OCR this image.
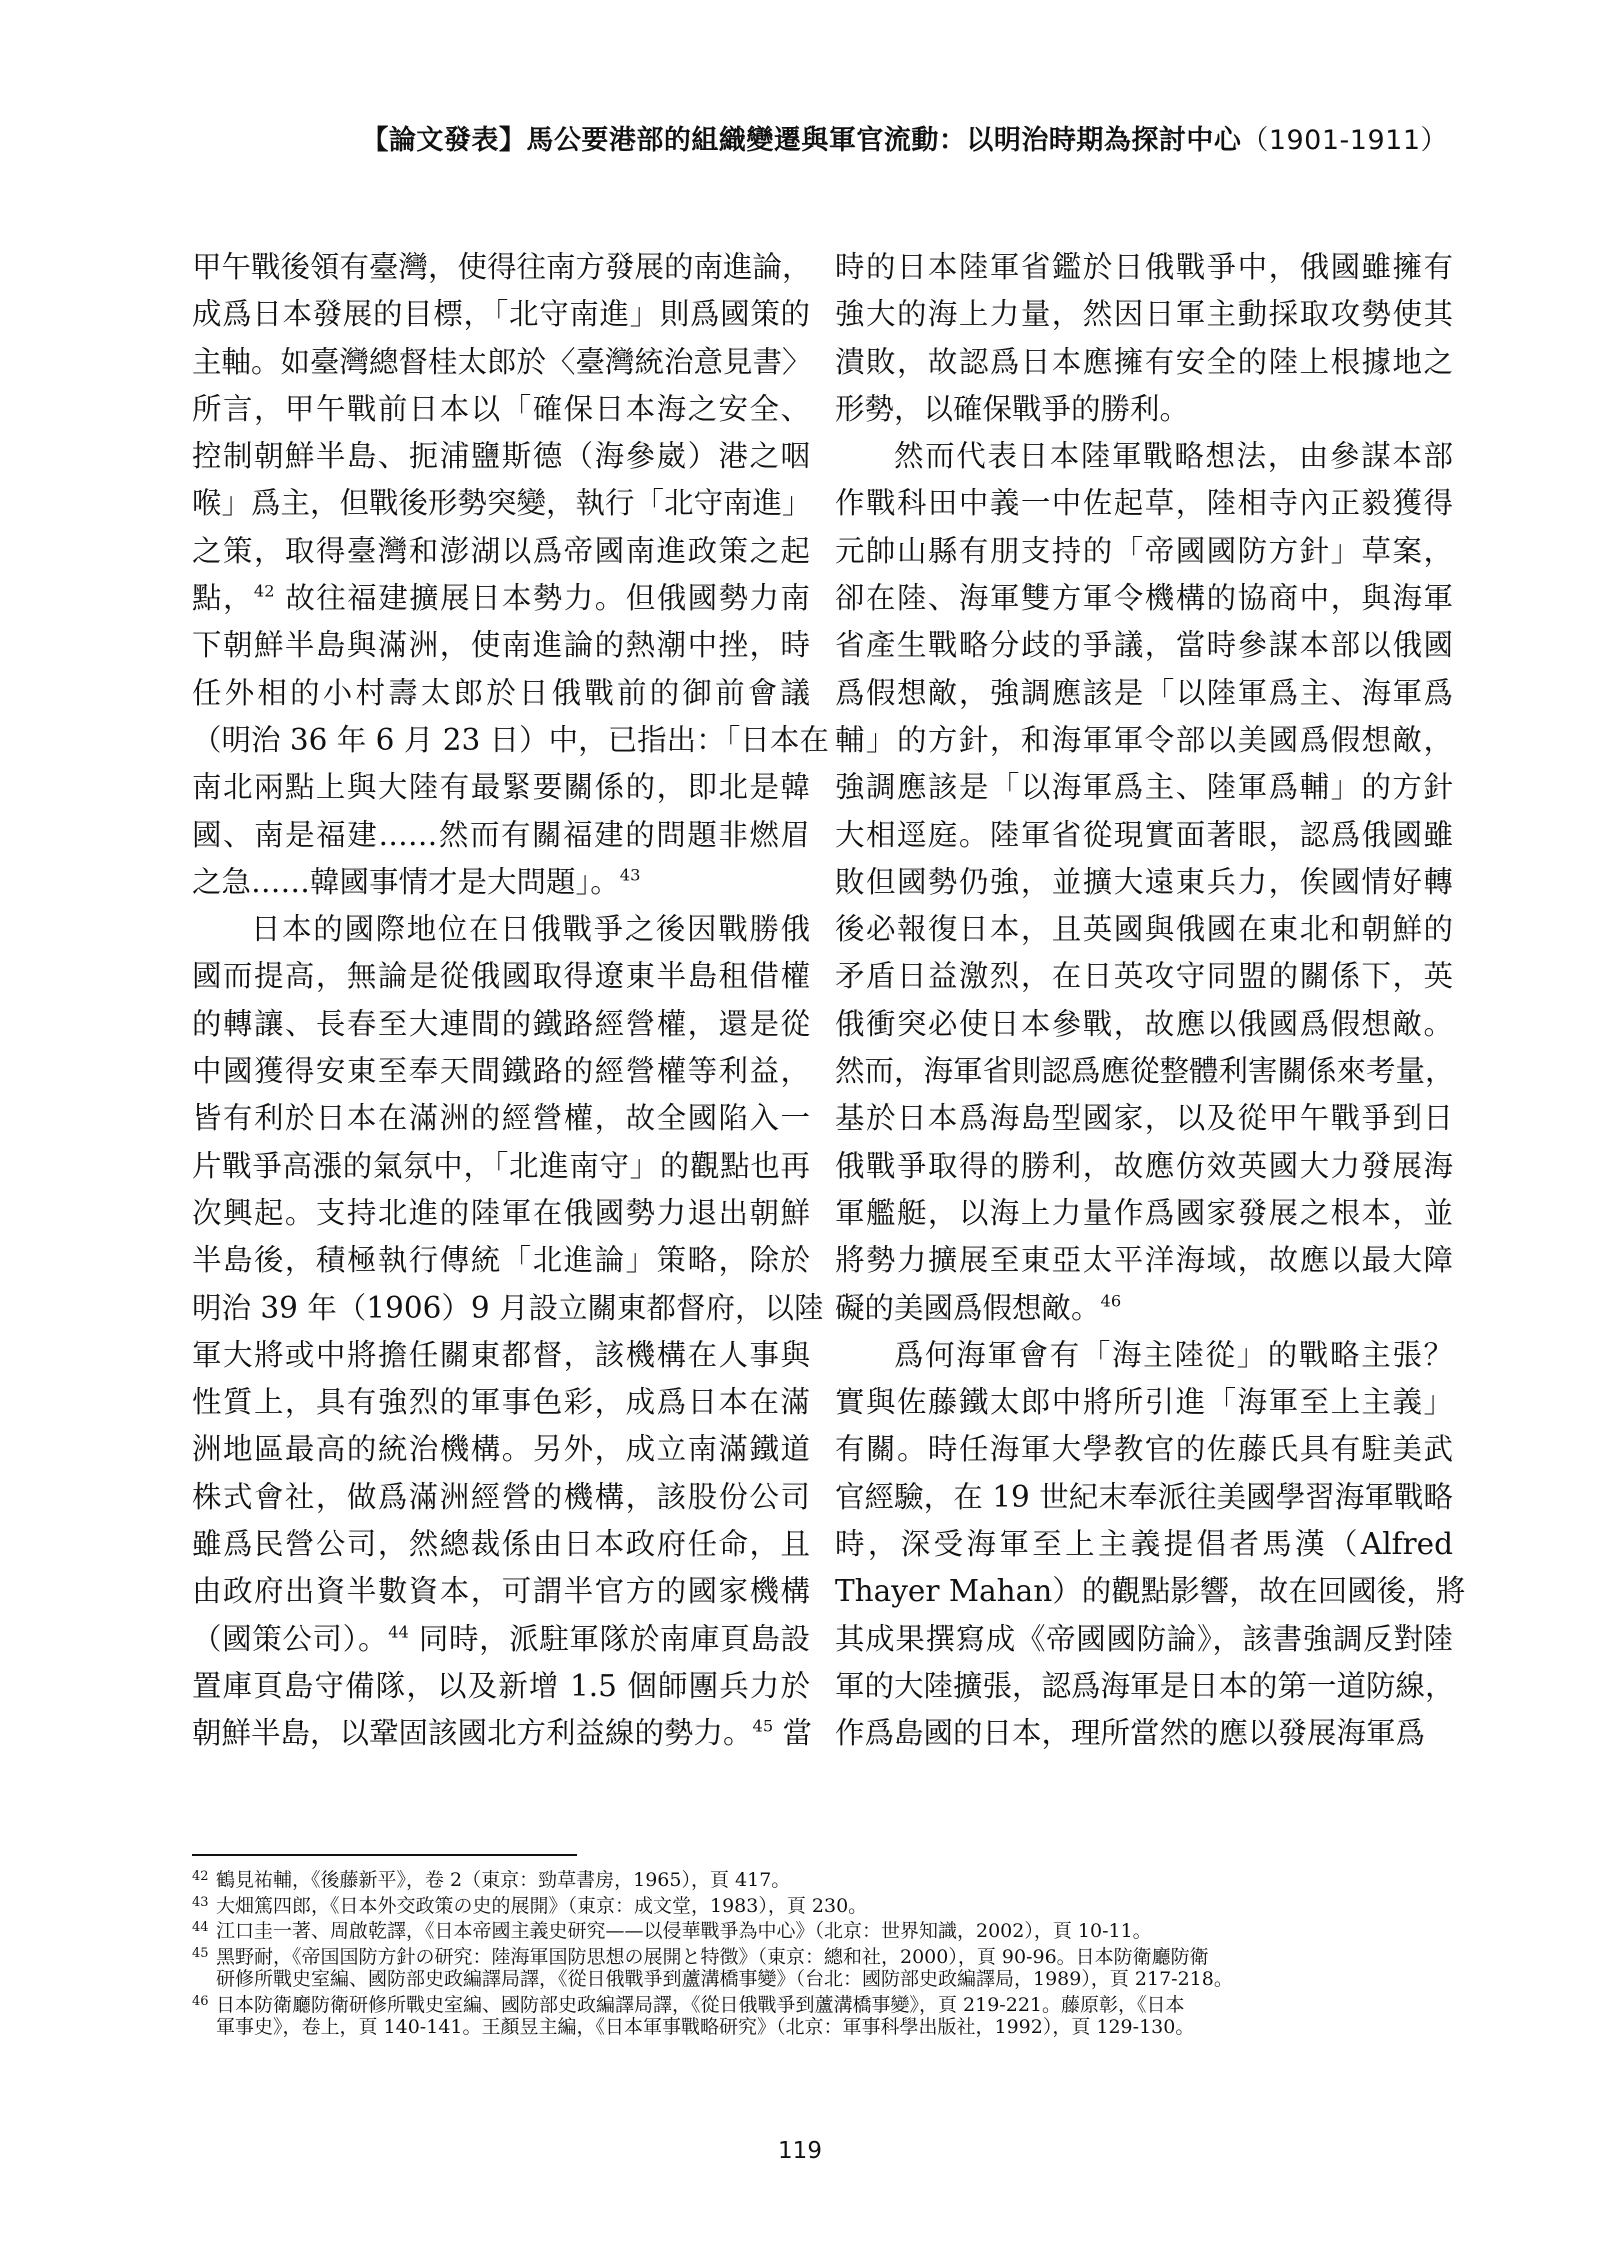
【論文發表】馬公要港部的組織變遷與軍官流動：以明治時期為探討中心（1901-1911）

甲午戰後領有臺灣，使得往南方發展的南進論，
成爲日本發展的目標，「北守南進」則爲國策的
主軸。如臺灣總督桂太郎於〈臺灣統治意見書〉
所言，甲午戰前日本以「確保日本海之安全、
控制朝鮮半島、扼浦鹽斯德（海參崴）港之咽
喉」爲主，但戰後形勢突變，執行「北守南進」
之策，取得臺灣和澎湖以爲帝國南進政策之起
點，$^{42}$ 故往福建擴展日本勢力。但俄國勢力南
下朝鮮半島與滿洲，使南進論的熱潮中挫，時
任外相的小村壽太郎於日俄戰前的御前會議
（明治 36 年 6 月 23 日）中，已指出：「日本在
南北兩點上與大陸有最緊要關係的，即北是韓
國、南是福建……然而有關福建的問題非燃眉
之急……韓國事情才是大問題」。$^{43}$

日本的國際地位在日俄戰爭之後因戰勝俄
國而提高，無論是從俄國取得遼東半島租借權
的轉讓、長春至大連間的鐵路經營權，還是從
中國獲得安東至奉天間鐵路的經營權等利益，
皆有利於日本在滿洲的經營權，故全國陷入一
片戰爭高漲的氣氛中，「北進南守」的觀點也再
次興起。支持北進的陸軍在俄國勢力退出朝鮮
半島後，積極執行傳統「北進論」策略，除於
明治 39 年（1906）9 月設立關東都督府，以陸
軍大將或中將擔任關東都督，該機構在人事與
性質上，具有強烈的軍事色彩，成爲日本在滿
洲地區最高的統治機構。另外，成立南滿鐵道
株式會社，做爲滿洲經營的機構，該股份公司
雖爲民營公司，然總裁係由日本政府任命，且
由政府出資半數資本，可謂半官方的國家機構
（國策公司）。$^{44}$ 同時，派駐軍隊於南庫頁島設
置庫頁島守備隊，以及新增 1.5 個師團兵力於
朝鮮半島，以鞏固該國北方利益線的勢力。$^{45}$ 當

時的日本陸軍省鑑於日俄戰爭中，俄國雖擁有
強大的海上力量，然因日軍主動採取攻勢使其
潰敗，故認爲日本應擁有安全的陸上根據地之
形勢，以確保戰爭的勝利。

然而代表日本陸軍戰略想法，由參謀本部
作戰科田中義一中佐起草，陸相寺內正毅獲得
元帥山縣有朋支持的「帝國國防方針」草案，
卻在陸、海軍雙方軍令機構的協商中，與海軍
省產生戰略分歧的爭議，當時參謀本部以俄國
爲假想敵，強調應該是「以陸軍爲主、海軍爲
輔」的方針，和海軍軍令部以美國爲假想敵，
強調應該是「以海軍爲主、陸軍爲輔」的方針
大相逕庭。陸軍省從現實面著眼，認爲俄國雖
敗但國勢仍強，並擴大遠東兵力，俟國情好轉
後必報復日本，且英國與俄國在東北和朝鮮的
矛盾日益激烈，在日英攻守同盟的關係下，英
俄衝突必使日本參戰，故應以俄國爲假想敵。
然而，海軍省則認爲應從整體利害關係來考量，
基於日本爲海島型國家，以及從甲午戰爭到日
俄戰爭取得的勝利，故應仿效英國大力發展海
軍艦艇，以海上力量作爲國家發展之根本，並
將勢力擴展至東亞太平洋海域，故應以最大障
礙的美國爲假想敵。$^{46}$

爲何海軍會有「海主陸從」的戰略主張？
實與佐藤鐵太郎中將所引進「海軍至上主義」
有關。時任海軍大學教官的佐藤氏具有駐美武
官經驗，在 19 世紀末奉派往美國學習海軍戰略
時，深受海軍至上主義提倡者馬漢（Alfred
Thayer Mahan）的觀點影響，故在回國後，將
其成果撰寫成《帝國國防論》，該書強調反對陸
軍的大陸擴張，認爲海軍是日本的第一道防線，
作爲島國的日本，理所當然的應以發展海軍爲

42 鶴見祐輔，《後藤新平》，卷 2（東京：勁草書房，1965），頁 417。
43 大畑篤四郎，《日本外交政策の史的展開》（東京：成文堂，1983），頁 230。
44 江口圭一著、周啟乾譯，《日本帝國主義史研究——以侵華戰爭為中心》（北京：世界知識，2002），頁 10-11。
45 黑野耐，《帝国国防方針の研究：陸海軍国防思想の展開と特徴》（東京：總和社，2000），頁 90-96。日本防衛廳防衛
研修所戰史室編、國防部史政編譯局譯，《從日俄戰爭到蘆溝橋事變》（台北：國防部史政編譯局，1989），頁 217-218。
46 日本防衛廳防衛研修所戰史室編、國防部史政編譯局譯，《從日俄戰爭到蘆溝橋事變》，頁 219-221。藤原彰，《日本
軍事史》，卷上，頁 140-141。王顏昱主編，《日本軍事戰略研究》（北京：軍事科學出版社，1992），頁 129-130。
119
